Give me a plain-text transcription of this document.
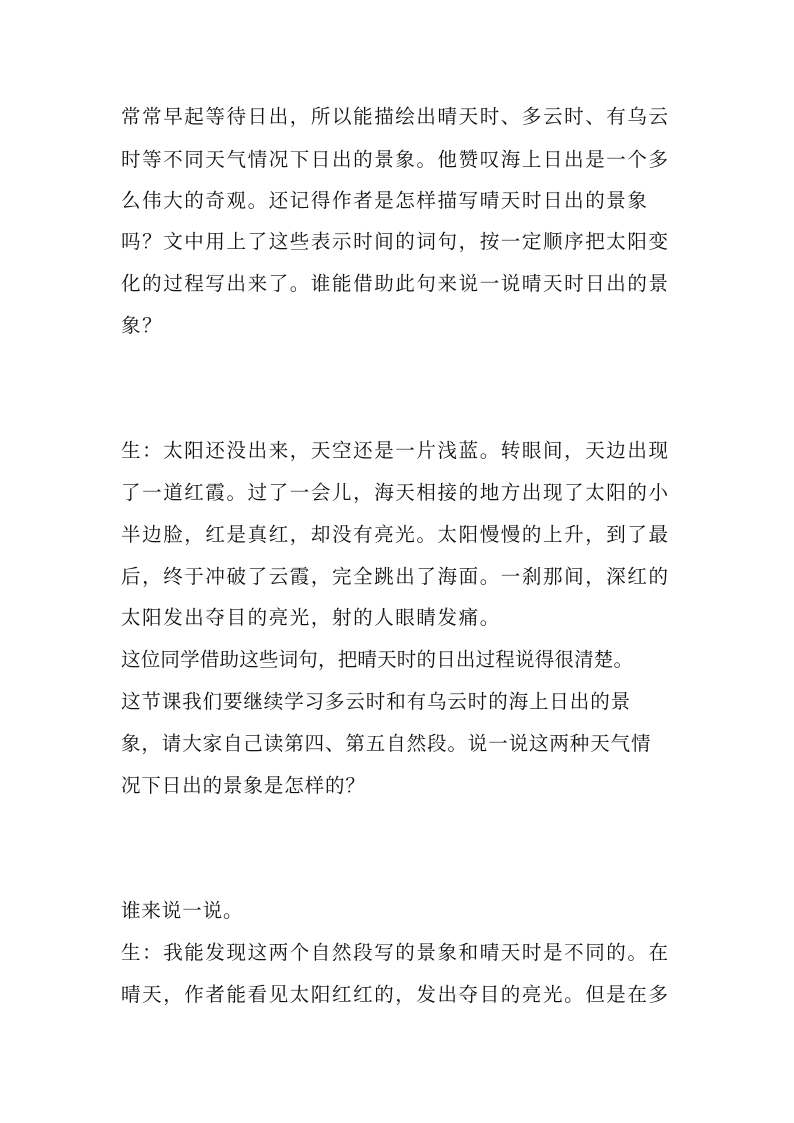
常常早起等待日出，所以能描绘出晴天时、多云时、有乌云
时等不同天气情况下日出的景象。他赞叹海上日出是一个多
么伟大的奇观。还记得作者是怎样描写晴天时日出的景象
吗？文中用上了这些表示时间的词句，按一定顺序把太阳变
化的过程写出来了。谁能借助此句来说一说晴天时日出的景
象？
生：太阳还没出来，天空还是一片浅蓝。转眼间，天边出现
了一道红霞。过了一会儿，海天相接的地方出现了太阳的小
半边脸，红是真红，却没有亮光。太阳慢慢的上升，到了最
后，终于冲破了云霞，完全跳出了海面。一刹那间，深红的
太阳发出夺目的亮光，射的人眼睛发痛。
这位同学借助这些词句，把晴天时的日出过程说得很清楚。
这节课我们要继续学习多云时和有乌云时的海上日出的景
象，请大家自己读第四、第五自然段。说一说这两种天气情
况下日出的景象是怎样的？
谁来说一说。
生：我能发现这两个自然段写的景象和晴天时是不同的。在
晴天，作者能看见太阳红红的，发出夺目的亮光。但是在多
